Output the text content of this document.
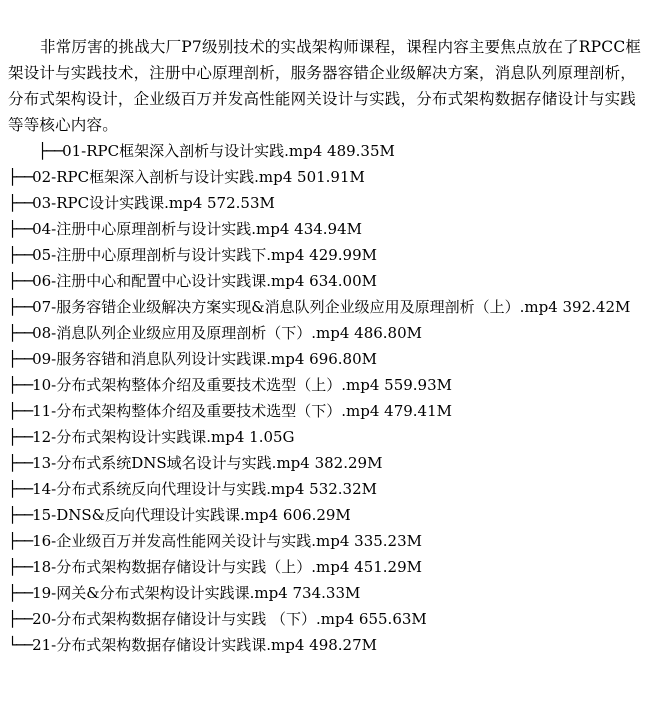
非常厉害的挑战大厂P7级别技术的实战架构师课程，课程内容主要焦点放在了RPCC框架设计与实践技术，注册中心原理剖析，服务器容错企业级解决方案，消息队列原理剖析，分布式架构设计，企业级百万并发高性能网关设计与实践，分布式架构数据存储设计与实践等等核心内容。

├──01-RPC框架深入剖析与设计实践.mp4 489.35M
├──02-RPC框架深入剖析与设计实践.mp4 501.91M
├──03-RPC设计实践课.mp4 572.53M
├──04-注册中心原理剖析与设计实践.mp4 434.94M
├──05-注册中心原理剖析与设计实践下.mp4 429.99M
├──06-注册中心和配置中心设计实践课.mp4 634.00M
├──07-服务容错企业级解决方案实现&消息队列企业级应用及原理剖析（上）.mp4 392.42M
├──08-消息队列企业级应用及原理剖析（下）.mp4 486.80M
├──09-服务容错和消息队列设计实践课.mp4 696.80M
├──10-分布式架构整体介绍及重要技术选型（上）.mp4 559.93M
├──11-分布式架构整体介绍及重要技术选型（下）.mp4 479.41M
├──12-分布式架构设计实践课.mp4 1.05G
├──13-分布式系统DNS域名设计与实践.mp4 382.29M
├──14-分布式系统反向代理设计与实践.mp4 532.32M
├──15-DNS&反向代理设计实践课.mp4 606.29M
├──16-企业级百万并发高性能网关设计与实践.mp4 335.23M
├──18-分布式架构数据存储设计与实践（上）.mp4 451.29M
├──19-网关&分布式架构设计实践课.mp4 734.33M
├──20-分布式架构数据存储设计与实践 （下）.mp4 655.63M
└──21-分布式架构数据存储设计实践课.mp4 498.27M
